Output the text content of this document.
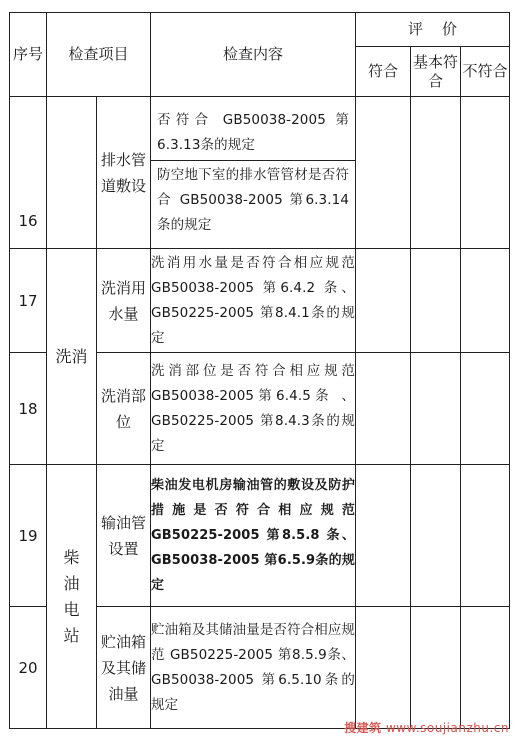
序号	检查项目		检查内容	评    价		
				符合	基本符合	不符合
16		排水管道敷设	否符合 GB50038-2005 第6.3.13条的规定
防空地下室的排水管管材是否符合 GB50038-2005 第6.3.14条的规定			

17	洗消	洗消用水量	洗消用水量是否符合相应规范 GB50038-2005 第6.4.2 条、GB50225-2005 第8.4.1条的规定			
18		洗消部位	洗消部位是否符合相应规范GB50038-2005第6.4.5条 、 GB50225-2005 第8.4.3条的规定			
19	柴油电站	输油管设置	柴油发电机房输油管的敷设及防护措施是否符合相应规范 GB50225-2005 第8.5.8 条、GB50038-2005 第6.5.9条的规定			
20		贮油箱及其储油量	贮油箱及其储油量是否符合相应规范 GB50225-2005 第8.5.9条、GB50038-2005 第6.5.10条的规定			
搜建筑 www.soujianzhu.cn
